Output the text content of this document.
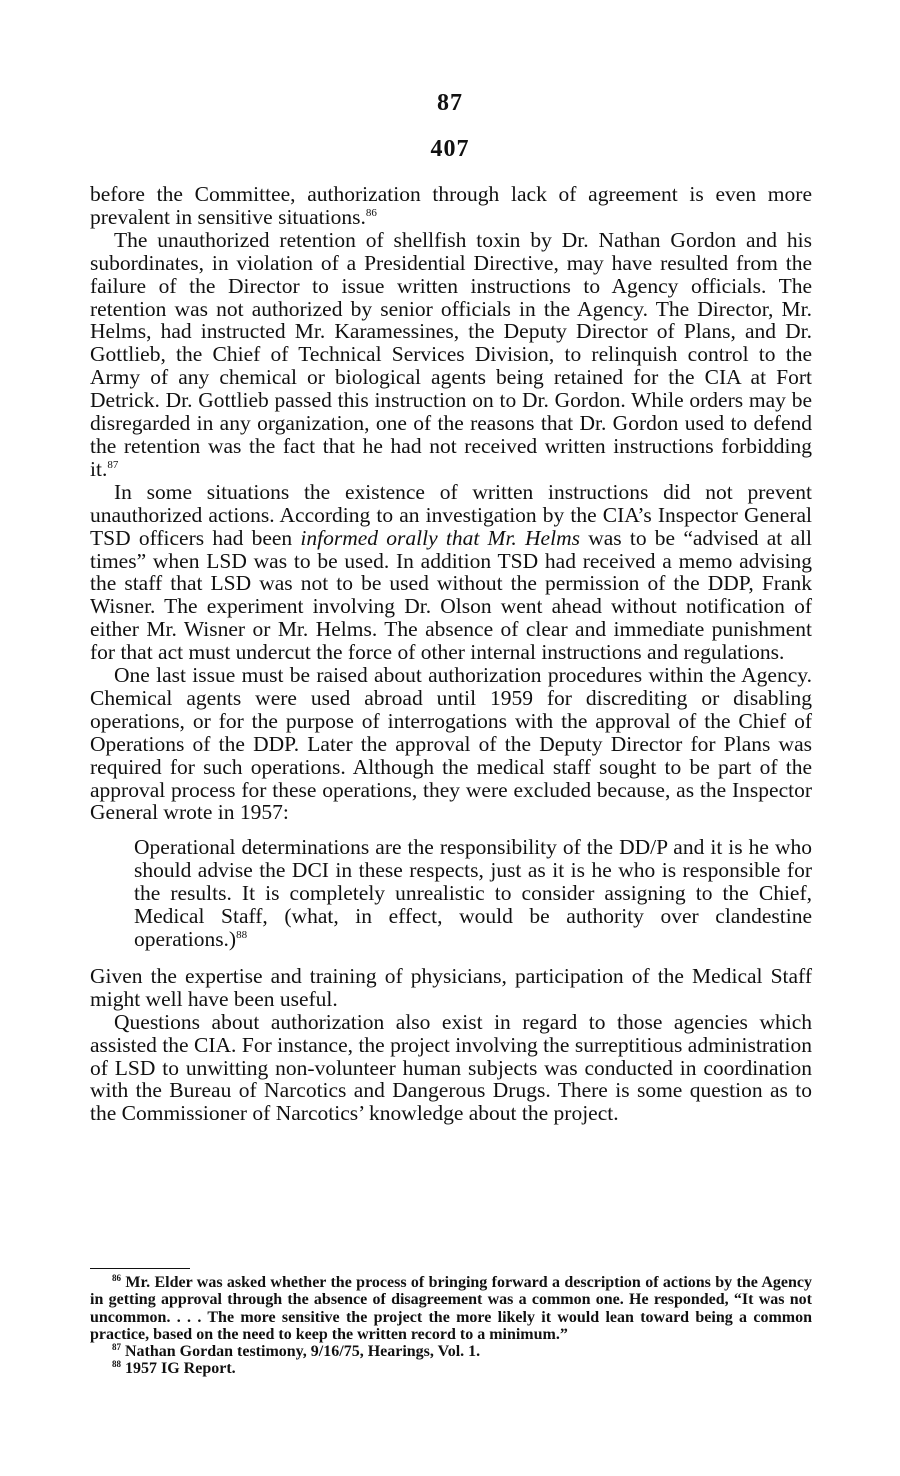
87
407

before the Committee, authorization through lack of agreement is even more prevalent in sensitive situations.$^{86}$

The unauthorized retention of shellfish toxin by Dr. Nathan Gordon and his subordinates, in violation of a Presidential Directive, may have resulted from the failure of the Director to issue written instructions to Agency officials. The retention was not authorized by senior officials in the Agency. The Director, Mr. Helms, had instructed Mr. Karamessines, the Deputy Director of Plans, and Dr. Gottlieb, the Chief of Technical Services Division, to relinquish control to the Army of any chemical or biological agents being retained for the CIA at Fort Detrick. Dr. Gottlieb passed this instruction on to Dr. Gordon. While orders may be disregarded in any organization, one of the reasons that Dr. Gordon used to defend the retention was the fact that he had not received written instructions forbidding it.$^{87}$

In some situations the existence of written instructions did not prevent unauthorized actions. According to an investigation by the CIA’s Inspector General TSD officers had been informed orally that Mr. Helms was to be “advised at all times” when LSD was to be used. In addition TSD had received a memo advising the staff that LSD was not to be used without the permission of the DDP, Frank Wisner. The experiment involving Dr. Olson went ahead without notification of either Mr. Wisner or Mr. Helms. The absence of clear and immediate punishment for that act must undercut the force of other internal instructions and regulations.

One last issue must be raised about authorization procedures within the Agency. Chemical agents were used abroad until 1959 for discrediting or disabling operations, or for the purpose of interrogations with the approval of the Chief of Operations of the DDP. Later the approval of the Deputy Director for Plans was required for such operations. Although the medical staff sought to be part of the approval process for these operations, they were excluded because, as the Inspector General wrote in 1957:

Operational determinations are the responsibility of the DD/P and it is he who should advise the DCI in these respects, just as it is he who is responsible for the results. It is completely unrealistic to consider assigning to the Chief, Medical Staff, (what, in effect, would be authority over clandestine operations.)$^{88}$

Given the expertise and training of physicians, participation of the Medical Staff might well have been useful.

Questions about authorization also exist in regard to those agencies which assisted the CIA. For instance, the project involving the surreptitious administration of LSD to unwitting non-volunteer human subjects was conducted in coordination with the Bureau of Narcotics and Dangerous Drugs. There is some question as to the Commissioner of Narcotics’ knowledge about the project.

$^{86}$ Mr. Elder was asked whether the process of bringing forward a description of actions by the Agency in getting approval through the absence of disagreement was a common one. He responded, “It was not uncommon. . . . The more sensitive the project the more likely it would lean toward being a common practice, based on the need to keep the written record to a minimum.”

$^{87}$ Nathan Gordan testimony, 9/16/75, Hearings, Vol. 1.

$^{88}$ 1957 IG Report.
